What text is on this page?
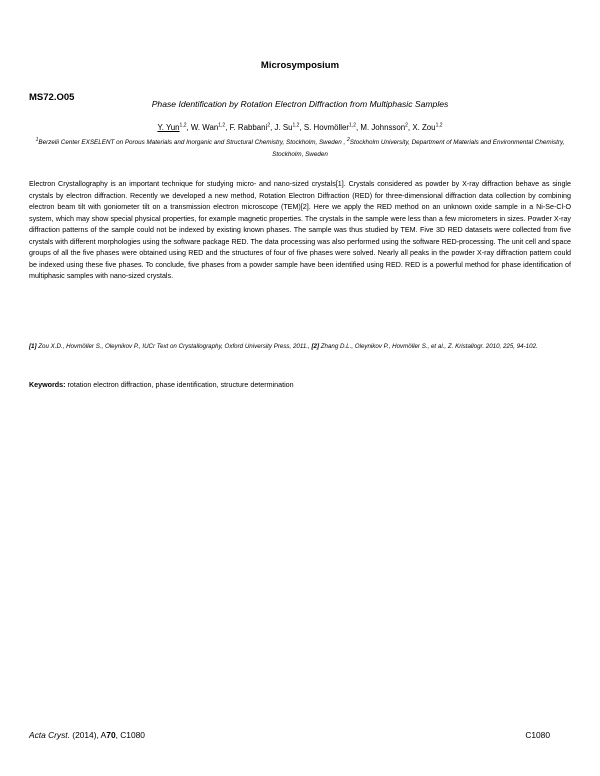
Microsymposium
MS72.O05
Phase Identification by Rotation Electron Diffraction from Multiphasic Samples
Y. Yun$^{1,2}$, W. Wan$^{1,2}$, F. Rabbani$^2$, J. Su$^{1,2}$, S. Hovmöller$^{1,2}$, M. Johnsson$^2$, X. Zou$^{1,2}$
$^1$Berzelii Center EXSELENT on Porous Materials and Inorganic and Structural Chemistry, Stockholm, Sweden , $^2$Stockholm University, Department of Materials and Environmental Chemistry, Stockholm, Sweden

Electron Crystallography is an important technique for studying micro- and nano-sized crystals[1]. Crystals considered as powder by X-ray diffraction behave as single crystals by electron diffraction. Recently we developed a new method, Rotation Electron Diffraction (RED) for three-dimensional diffraction data collection by combining electron beam tilt with goniometer tilt on a transmission electron microscope (TEM)[2]. Here we apply the RED method on an unknown oxide sample in a Ni-Se-Cl-O system, which may show special physical properties, for example magnetic properties. The crystals in the sample were less than a few micrometers in sizes. Powder X-ray diffraction patterns of the sample could not be indexed by existing known phases. The sample was thus studied by TEM. Five 3D RED datasets were collected from five crystals with different morphologies using the software package RED. The data processing was also performed using the software RED-processing. The unit cell and space groups of all the five phases were obtained using RED and the structures of four of five phases were solved. Nearly all peaks in the powder X-ray diffraction pattern could be indexed using these five phases. To conclude, five phases from a powder sample have been identified using RED. RED is a powerful method for phase identification of multiphasic samples with nano-sized crystals.

[1] Zou X.D., Hovmöller S., Oleynikov P., IUCr Text on Crystallography, Oxford University Press, 2011., [2] Zhang D.L., Oleynikov P., Hovmöller S., et al., Z. Kristallogr. 2010, 225, 94-102.

Keywords: rotation electron diffraction, phase identification, structure determination

Acta Cryst. (2014), A70, C1080	C1080
